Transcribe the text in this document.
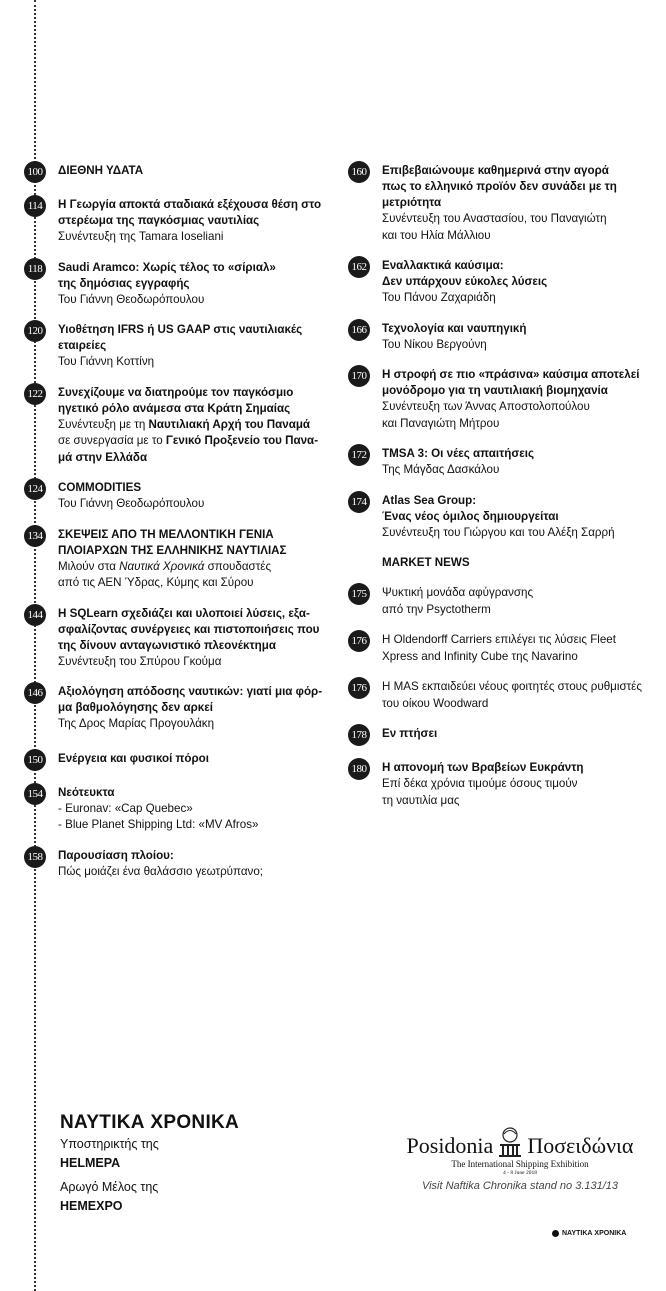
100	ΔΙΕΘΝΗ ΥΔΑΤΑ
114	Η Γεωργία αποκτά σταδιακά εξέχουσα θέση στο
στερέωμα της παγκόσμιας ναυτιλίας
Συνέντευξη της Tamara Ioseliani
118	Saudi Aramco: Χωρίς τέλος το «σίριαλ»
της δημόσιας εγγραφής
Του Γιάννη Θεοδωρόπουλου
120	Υιοθέτηση IFRS ή US GAAP στις ναυτιλιακές
εταιρείες
Του Γιάννη Κοττίνη
122	Συνεχίζουμε να διατηρούμε τον παγκόσμιο
ηγετικό ρόλο ανάμεσα στα Κράτη Σημαίας
Συνέντευξη με τη Ναυτιλιακή Αρχή του Παναμά
σε συνεργασία με το Γενικό Προξενείο του Πανα-
μά στην Ελλάδα
124	COMMODITIES
Του Γιάννη Θεοδωρόπουλου
134	ΣΚΕΨΕΙΣ ΑΠΟ ΤΗ ΜΕΛΛΟΝΤΙΚΗ ΓΕΝΙΑ
ΠΛΟΙΑΡΧΩΝ ΤΗΣ ΕΛΛΗΝΙΚΗΣ ΝΑΥΤΙΛΙΑΣ
Μιλούν στα Ναυτικά Χρονικά σπουδαστές
από τις ΑΕΝ Ύδρας, Κύμης και Σύρου
144	Η SQLearn σχεδιάζει και υλοποιεί λύσεις, εξα-
σφαλίζοντας συνέργειες και πιστοποιήσεις που
της δίνουν ανταγωνιστικό πλεονέκτημα
Συνέντευξη του Σπύρου Γκούμα
146	Αξιολόγηση απόδοσης ναυτικών: γιατί μια φόρ-
μα βαθμολόγησης δεν αρκεί
Της Δρος Μαρίας Προγουλάκη
150	Ενέργεια και φυσικοί πόροι
154	Νεότευκτα
- Euronav: «Cap Quebec»
- Blue Planet Shipping Ltd: «MV Afros»
158	Παρουσίαση πλοίου:
Πώς μοιάζει ένα θαλάσσιο γεωτρύπανο;
160	Επιβεβαιώνουμε καθημερινά στην αγορά
πως το ελληνικό προϊόν δεν συνάδει με τη
μετριότητα
Συνέντευξη του Αναστασίου, του Παναγιώτη
και του Ηλία Μάλλιου
162	Εναλλακτικά καύσιμα:
Δεν υπάρχουν εύκολες λύσεις
Του Πάνου Ζαχαριάδη
166	Τεχνολογία και ναυπηγική
Του Νίκου Βεργούνη
170	Η στροφή σε πιο «πράσινα» καύσιμα αποτελεί
μονόδρομο για τη ναυτιλιακή βιομηχανία
Συνέντευξη των Άννας Αποστολοπούλου
και Παναγιώτη Μήτρου
172	TMSA 3: Οι νέες απαιτήσεις
Της Μάγδας Δασκάλου
174	Atlas Sea Group:
Ένας νέος όμιλος δημιουργείται
Συνέντευξη του Γιώργου και του Αλέξη Σαρρή
MARKET NEWS
175	Ψυκτική μονάδα αφύγρανσης
από την Psyctotherm
176	Η Oldendorff Carriers επιλέγει τις λύσεις Fleet
Xpress and Infinity Cube της Navarino
176	Η MAS εκπαιδεύει νέους φοιτητές στους ρυθμιστές
του οίκου Woodward
178	Εν πτήσει
180	Η απονομή των Βραβείων Ευκράντη
Επί δέκα χρόνια τιμούμε όσους τιμούν
τη ναυτιλία μας
ΝΑΥΤΙΚΑ ΧΡΟΝΙΚΑ
Υποστηρικτής της
HELMEPA
Αρωγό Μέλος της
HEMEXPO
Posidonia Ποσειδώνια
The International Shipping Exhibition
4 - 8 June 2018
Visit Naftika Chronika stand no 3.131/13
ΝΑΥΤΙΚΑ ΧΡΟΝΙΚΑ
